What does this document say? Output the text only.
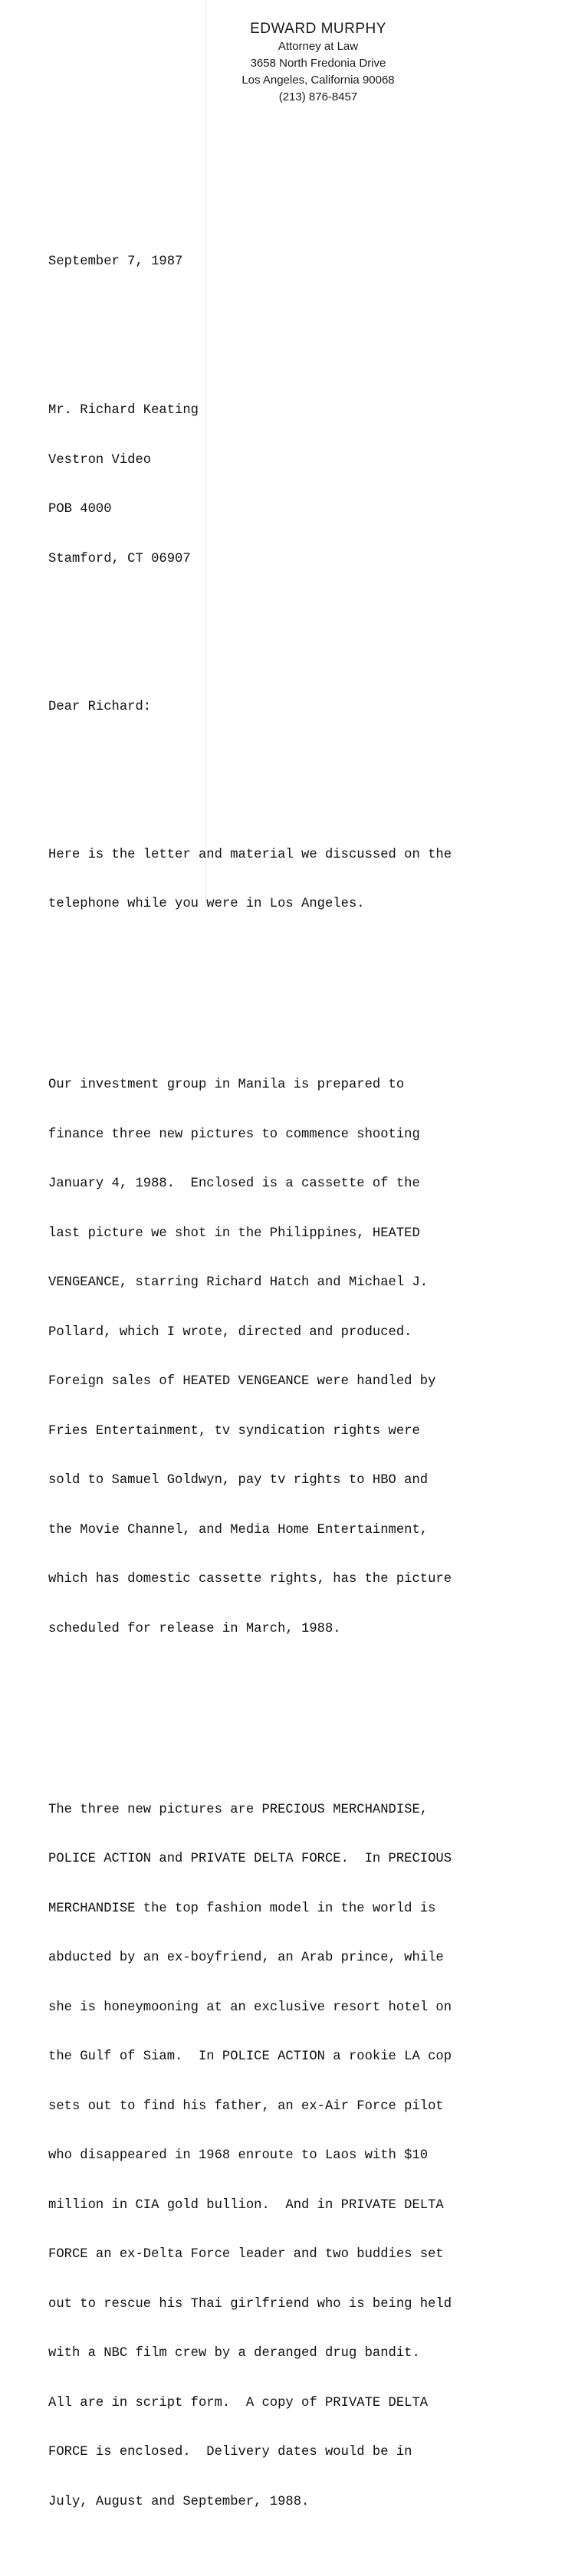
EDWARD MURPHY
Attorney at Law
3658 North Fredonia Drive
Los Angeles, California 90068
(213) 876-8457

September 7, 1987

Mr. Richard Keating

Vestron Video

POB 4000

Stamford, CT 06907

Dear Richard:

Here is the letter and material we discussed on the

telephone while you were in Los Angeles.

Our investment group in Manila is prepared to

finance three new pictures to commence shooting

January 4, 1988.  Enclosed is a cassette of the

last picture we shot in the Philippines, HEATED

VENGEANCE, starring Richard Hatch and Michael J.

Pollard, which I wrote, directed and produced.

Foreign sales of HEATED VENGEANCE were handled by

Fries Entertainment, tv syndication rights were

sold to Samuel Goldwyn, pay tv rights to HBO and

the Movie Channel, and Media Home Entertainment,

which has domestic cassette rights, has the picture

scheduled for release in March, 1988.

The three new pictures are PRECIOUS MERCHANDISE,

POLICE ACTION and PRIVATE DELTA FORCE.  In PRECIOUS

MERCHANDISE the top fashion model in the world is

abducted by an ex-boyfriend, an Arab prince, while

she is honeymooning at an exclusive resort hotel on

the Gulf of Siam.  In POLICE ACTION a rookie LA cop

sets out to find his father, an ex-Air Force pilot

who disappeared in 1968 enroute to Laos with $10

million in CIA gold bullion.  And in PRIVATE DELTA

FORCE an ex-Delta Force leader and two buddies set

out to rescue his Thai girlfriend who is being held

with a NBC film crew by a deranged drug bandit.

All are in script form.  A copy of PRIVATE DELTA

FORCE is enclosed.  Delivery dates would be in

July, August and September, 1988.
